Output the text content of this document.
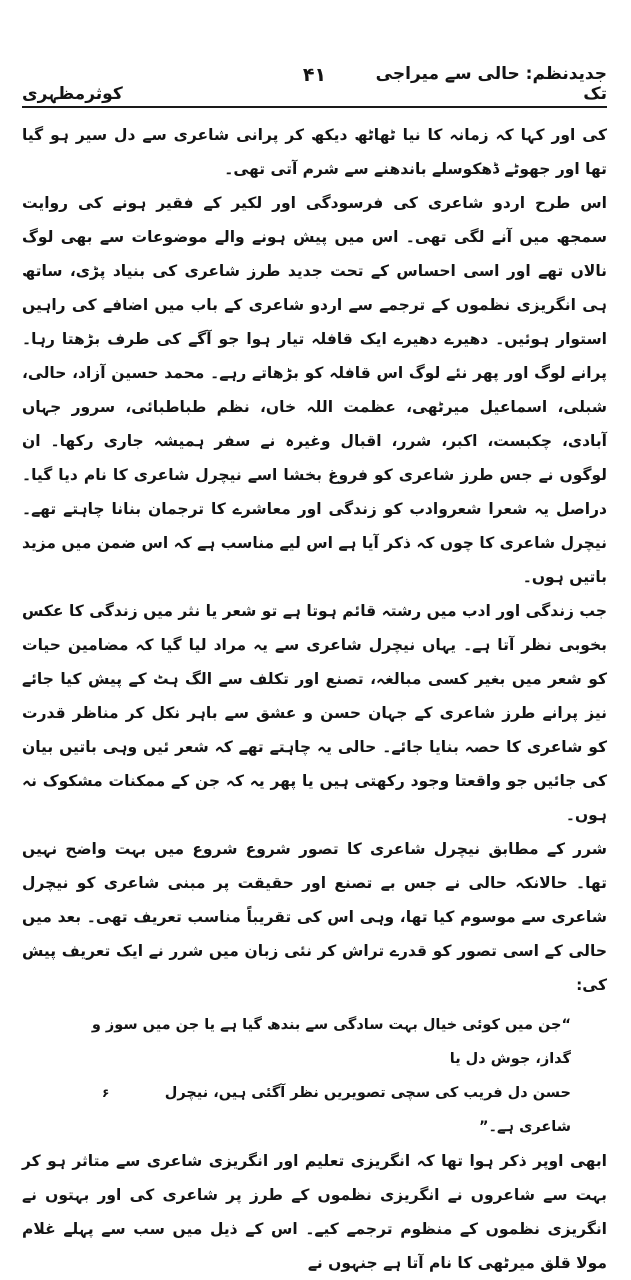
جدیدنظم: حالی سے میراجی تک
۴۱
کوثرمظہری

کی اور کہا کہ زمانہ کا نیا ٹھاٹھ دیکھ کر پرانی شاعری سے دل سیر ہو گیا تھا اور جھوٹے ڈھکوسلے باندھنے سے شرم آتی تھی۔

اس طرح اردو شاعری کی فرسودگی اور لکیر کے فقیر ہونے کی روایت سمجھ میں آنے لگی تھی۔ اس میں پیش ہونے والے موضوعات سے بھی لوگ نالاں تھے اور اسی احساس کے تحت جدید طرز شاعری کی بنیاد پڑی، ساتھ ہی انگریزی نظموں کے ترجمے سے اردو شاعری کے باب میں اضافے کی راہیں استوار ہوئیں۔ دھیرے دھیرے ایک قافلہ تیار ہوا جو آگے کی طرف بڑھتا رہا۔ پرانے لوگ اور پھر نئے لوگ اس قافلہ کو بڑھاتے رہے۔ محمد حسین آزاد، حالی، شبلی، اسماعیل میرٹھی، عظمت اللہ خاں، نظم طباطبائی، سرور جہاں آبادی، چکبست، اکبر، شرر، اقبال وغیرہ نے سفر ہمیشہ جاری رکھا۔ ان لوگوں نے جس طرز شاعری کو فروغ بخشا اسے نیچرل شاعری کا نام دیا گیا۔ دراصل یہ شعرا شعروادب کو زندگی اور معاشرے کا ترجمان بنانا چاہتے تھے۔ نیچرل شاعری کا چوں کہ ذکر آیا ہے اس لیے مناسب ہے کہ اس ضمن میں مزید باتیں ہوں۔

جب زندگی اور ادب میں رشتہ قائم ہوتا ہے تو شعر یا نثر میں زندگی کا عکس بخوبی نظر آتا ہے۔ یہاں نیچرل شاعری سے یہ مراد لیا گیا کہ مضامین حیات کو شعر میں بغیر کسی مبالغہ، تصنع اور تکلف سے الگ ہٹ کے پیش کیا جائے نیز پرانے طرز شاعری کے جہان حسن و عشق سے باہر نکل کر مناظر قدرت کو شاعری کا حصہ بنایا جائے۔ حالی یہ چاہتے تھے کہ شعر ئیں وہی باتیں بیان کی جائیں جو واقعتا وجود رکھتی ہیں یا پھر یہ کہ جن کے ممکنات مشکوک نہ ہوں۔

شرر کے مطابق نیچرل شاعری کا تصور شروع شروع میں بہت واضح نہیں تھا۔ حالانکہ حالی نے جس بے تصنع اور حقیقت پر مبنی شاعری کو نیچرل شاعری سے موسوم کیا تھا، وہی اس کی تقریباً مناسب تعریف تھی۔ بعد میں حالی کے اسی تصور کو قدرے تراش کر نئی زبان میں شرر نے ایک تعریف پیش کی:

“جن میں کوئی خیال بہت سادگی سے بندھ گیا ہے یا جن میں سوز و گداز، جوش دل یا
حسن دل فریب کی سچی تصویریں نظر آگئی ہیں، نیچرل شاعری ہے۔”
۶

ابھی اوپر ذکر ہوا تھا کہ انگریزی تعلیم اور انگریزی شاعری سے متاثر ہو کر بہت سے شاعروں نے انگریزی نظموں کے طرز پر شاعری کی اور بہتوں نے انگریزی نظموں کے منظوم ترجمے کیے۔ اس کے ذیل میں سب سے پہلے غلام مولا قلق میرٹھی کا نام آتا ہے جنہوں نے
